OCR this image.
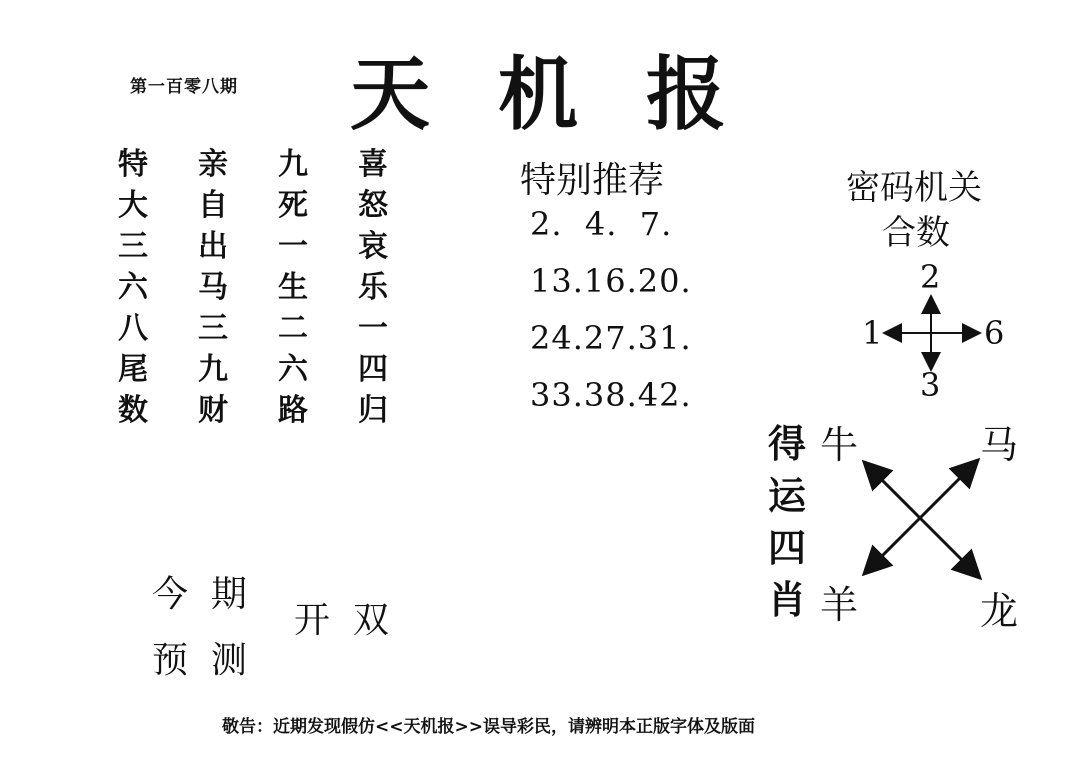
第一百零八期 天机报
特	亲	九	喜
大	自	死	怒
三	出	一	哀
六	马	生	乐
八	三	二	一
尾	九	六	四
数	财	路	归
特别推荐
2.  4.  7.
13.16.20.
24.27.31.
33.38.42.
密码机关
合数
2
1	6
3
得
运
四
肖
牛	马
羊	龙
今  期
预  测
开  双
敬告：近期发现假仿<<天机报>>误导彩民，请辨明本正版字体及版面
